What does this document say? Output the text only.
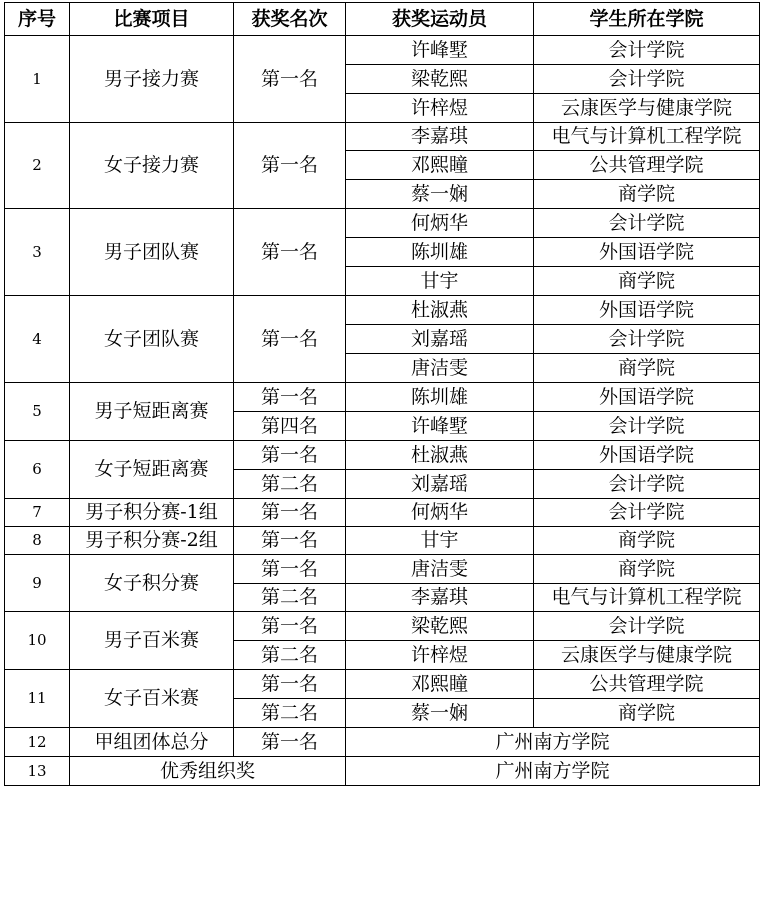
序号	比赛项目	获奖名次	获奖运动员	学生所在学院
1	男子接力赛	第一名	许峰墅	会计学院
			梁乾熙	会计学院
			许梓煜	云康医学与健康学院
2	女子接力赛	第一名	李嘉琪	电气与计算机工程学院
			邓熙瞳	公共管理学院
			蔡一娴	商学院
3	男子团队赛	第一名	何炳华	会计学院
			陈圳雄	外国语学院
			甘宇	商学院
4	女子团队赛	第一名	杜淑燕	外国语学院
			刘嘉瑶	会计学院
			唐洁雯	商学院
5	男子短距离赛	第一名	陈圳雄	外国语学院
		第四名	许峰墅	会计学院
6	女子短距离赛	第一名	杜淑燕	外国语学院
		第二名	刘嘉瑶	会计学院
7	男子积分赛-1组	第一名	何炳华	会计学院
8	男子积分赛-2组	第一名	甘宇	商学院
9	女子积分赛	第一名	唐洁雯	商学院
		第二名	李嘉琪	电气与计算机工程学院
10	男子百米赛	第一名	梁乾熙	会计学院
		第二名	许梓煜	云康医学与健康学院
11	女子百米赛	第一名	邓熙瞳	公共管理学院
		第二名	蔡一娴	商学院
12	甲组团体总分	第一名	广州南方学院	
13	优秀组织奖		广州南方学院	
